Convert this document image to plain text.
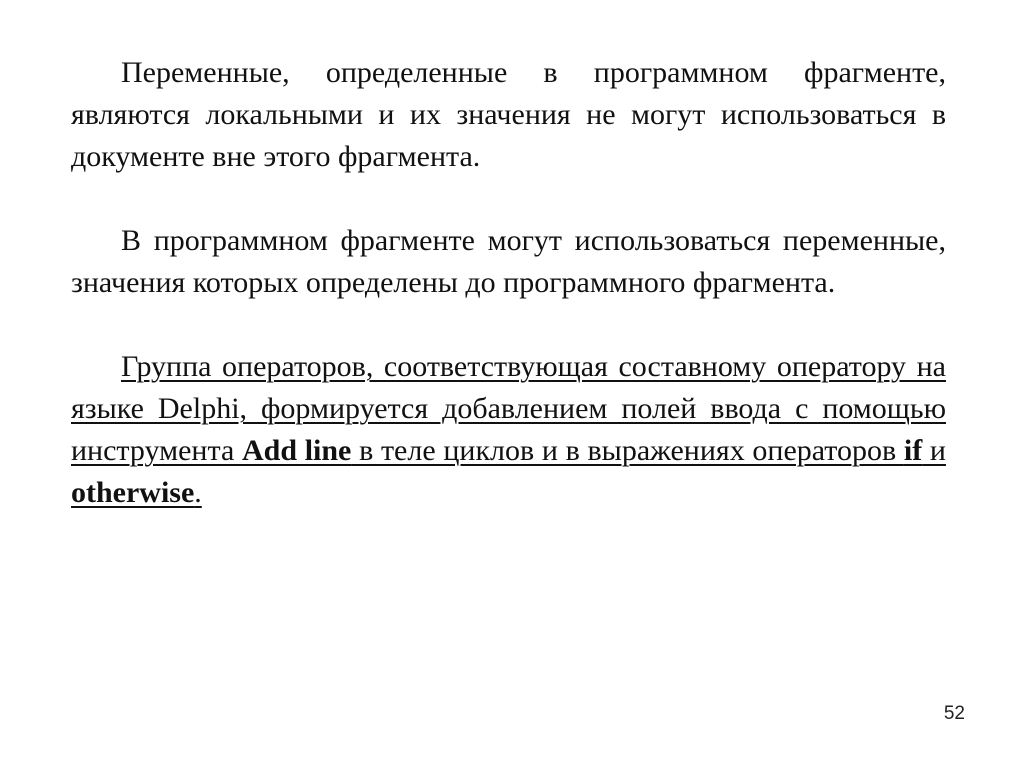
Переменные, определенные в программном фрагменте, являются локальными и их значения не могут использоваться в документе вне этого фрагмента.

В программном фрагменте могут использоваться переменные, значения которых определены до программного фрагмента.

Группа операторов, соответствующая составному оператору на языке Delphi, формируется добавлением полей ввода с помощью инструмента Add line в теле циклов и в выражениях операторов if и otherwise.

52
